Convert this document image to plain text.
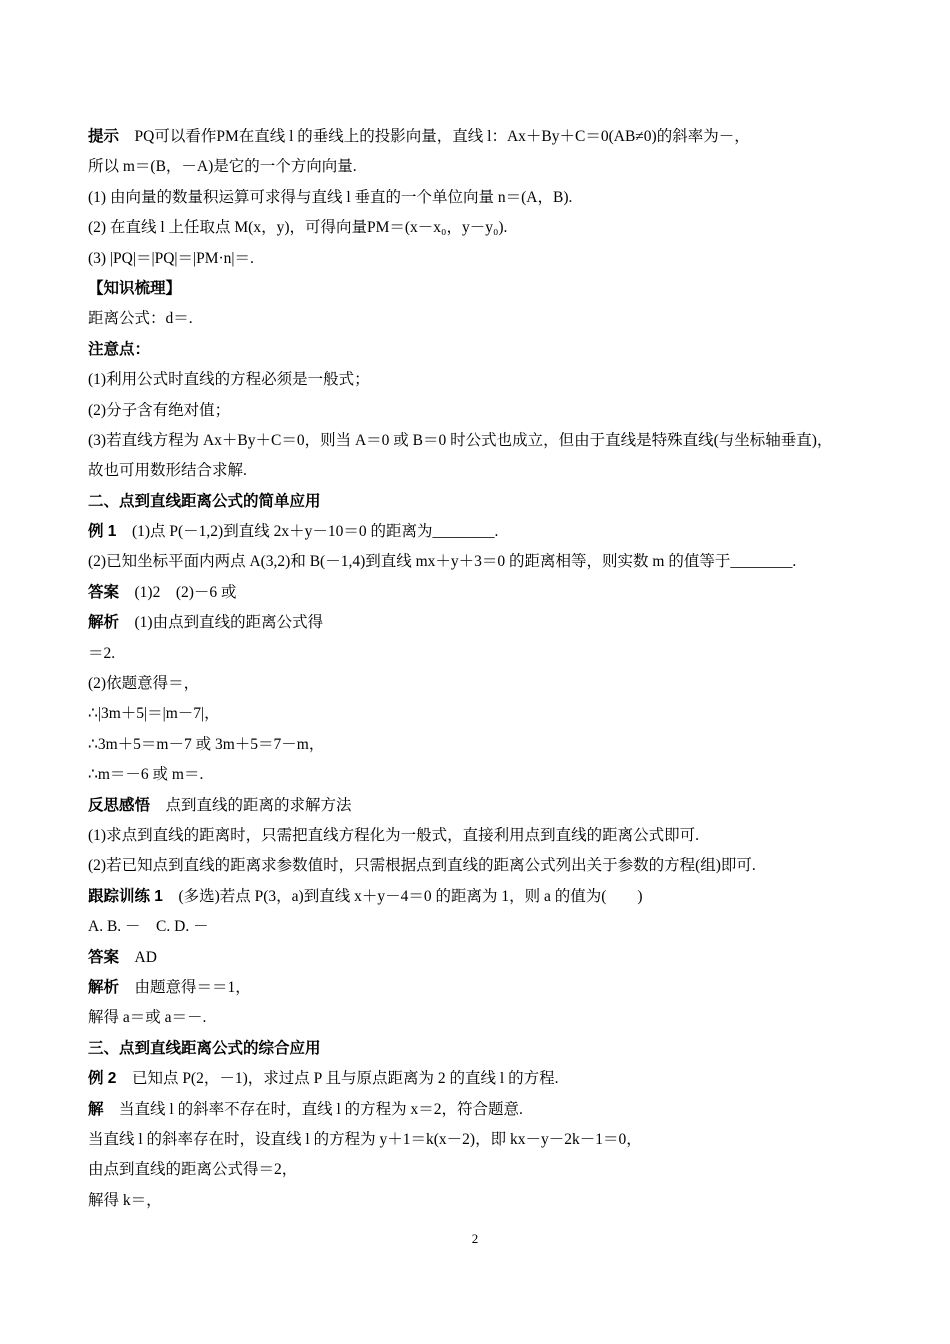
提示　PQ可以看作PM在直线 l 的垂线上的投影向量，直线 l：Ax＋By＋C＝0(AB≠0)的斜率为－，
所以 m＝(B，－A)是它的一个方向向量.
(1) 由向量的数量积运算可求得与直线 l 垂直的一个单位向量 n＝(A，B).
(2) 在直线 l 上任取点 M(x，y)，可得向量PM＝(x－x₀，y－y₀).
(3) |PQ|＝|PQ|＝|PM·n|＝.
【知识梳理】
距离公式：d＝.
注意点：
(1)利用公式时直线的方程必须是一般式；
(2)分子含有绝对值；
(3)若直线方程为 Ax＋By＋C＝0，则当 A＝0 或 B＝0 时公式也成立，但由于直线是特殊直线(与坐标轴垂直)，
故也可用数形结合求解.
二、点到直线距离公式的简单应用
例 1　(1)点 P(－1,2)到直线 2x＋y－10＝0 的距离为________.
(2)已知坐标平面内两点 A(3,2)和 B(－1,4)到直线 mx＋y＋3＝0 的距离相等，则实数 m 的值等于________.
答案　(1)2　(2)－6 或
解析　(1)由点到直线的距离公式得
＝2.
(2)依题意得＝，
∴|3m＋5|＝|m－7|，
∴3m＋5＝m－7 或 3m＋5＝7－m，
∴m＝－6 或 m＝.
反思感悟　点到直线的距离的求解方法
(1)求点到直线的距离时，只需把直线方程化为一般式，直接利用点到直线的距离公式即可.
(2)若已知点到直线的距离求参数值时，只需根据点到直线的距离公式列出关于参数的方程(组)即可.
跟踪训练 1　(多选)若点 P(3，a)到直线 x＋y－4＝0 的距离为 1，则 a 的值为(　　)
A. B. －　C. D. －
答案　AD
解析　由题意得＝＝1，
解得 a＝或 a＝－.
三、点到直线距离公式的综合应用
例 2　已知点 P(2，－1)，求过点 P 且与原点距离为 2 的直线 l 的方程.
解　当直线 l 的斜率不存在时，直线 l 的方程为 x＝2，符合题意.
当直线 l 的斜率存在时，设直线 l 的方程为 y＋1＝k(x－2)，即 kx－y－2k－1＝0，
由点到直线的距离公式得＝2，
解得 k＝，
2
